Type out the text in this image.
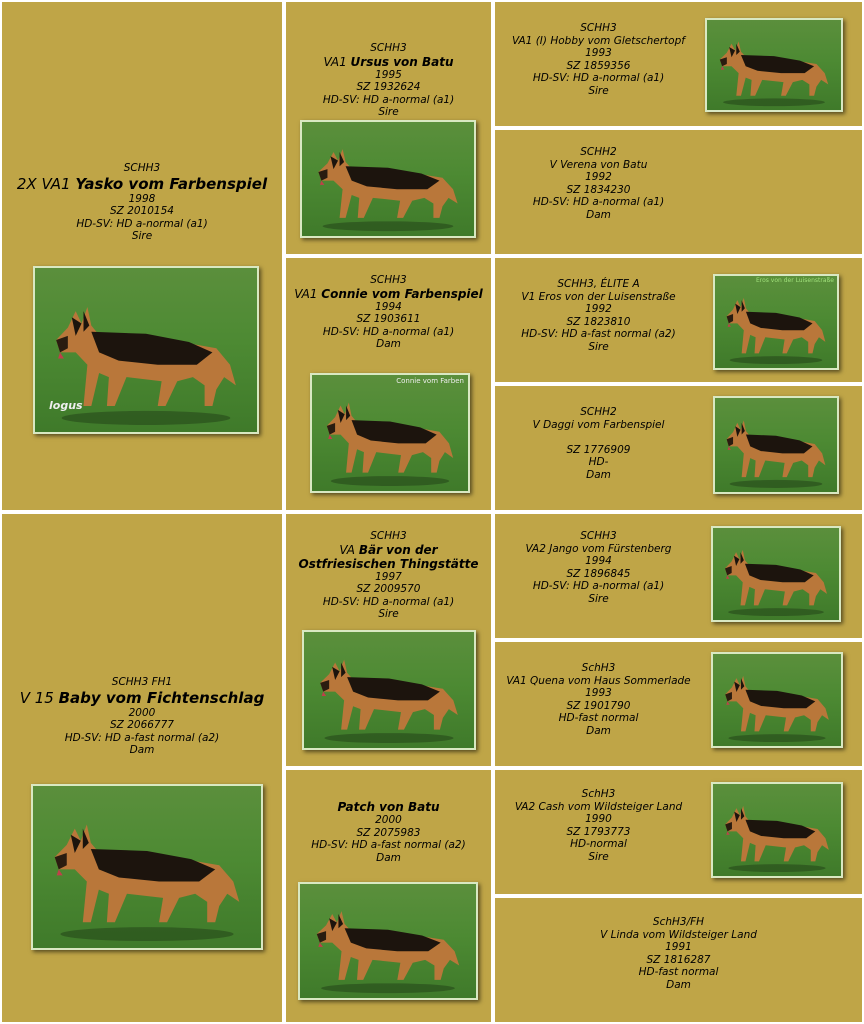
SCHH3
2X VA1 Yasko vom Farbenspiel
1998
SZ 2010154
HD-SV: HD a-normal (a1)
Sire
logus
SCHH3 FH1
V 15 Baby vom Fichtenschlag
2000
SZ 2066777
HD-SV: HD a-fast normal (a2)
Dam
SCHH3
VA1 Ursus von Batu
1995
SZ 1932624
HD-SV: HD a-normal (a1)
Sire
SCHH3
VA1 Connie vom Farbenspiel
1994
SZ 1903611
HD-SV: HD a-normal (a1)
Dam
Connie vom Farben
SCHH3
VA Bär von der
Ostfriesischen Thingstätte
1997
SZ 2009570
HD-SV: HD a-normal (a1)
Sire
Patch von Batu
2000
SZ 2075983
HD-SV: HD a-fast normal (a2)
Dam
SCHH3
VA1 (I) Hobby vom Gletschertopf
1993
SZ 1859356
HD-SV: HD a-normal (a1)
Sire
SCHH2
V Verena von Batu
1992
SZ 1834230
HD-SV: HD a-normal (a1)
Dam
SCHH3, ÉLITE A
V1 Eros von der Luisenstraße
1992
SZ 1823810
HD-SV: HD a-fast normal (a2)
Sire
Eros von der Luisenstraße
SCHH2
V Daggi vom Farbenspiel
SZ 1776909
HD-
Dam
SCHH3
VA2 Jango vom Fürstenberg
1994
SZ 1896845
HD-SV: HD a-normal (a1)
Sire
SchH3
VA1 Quena vom Haus Sommerlade
1993
SZ 1901790
HD-fast normal
Dam
SchH3
VA2 Cash vom Wildsteiger Land
1990
SZ 1793773
HD-normal
Sire
SchH3/FH
V Linda vom Wildsteiger Land
1991
SZ 1816287
HD-fast normal
Dam
